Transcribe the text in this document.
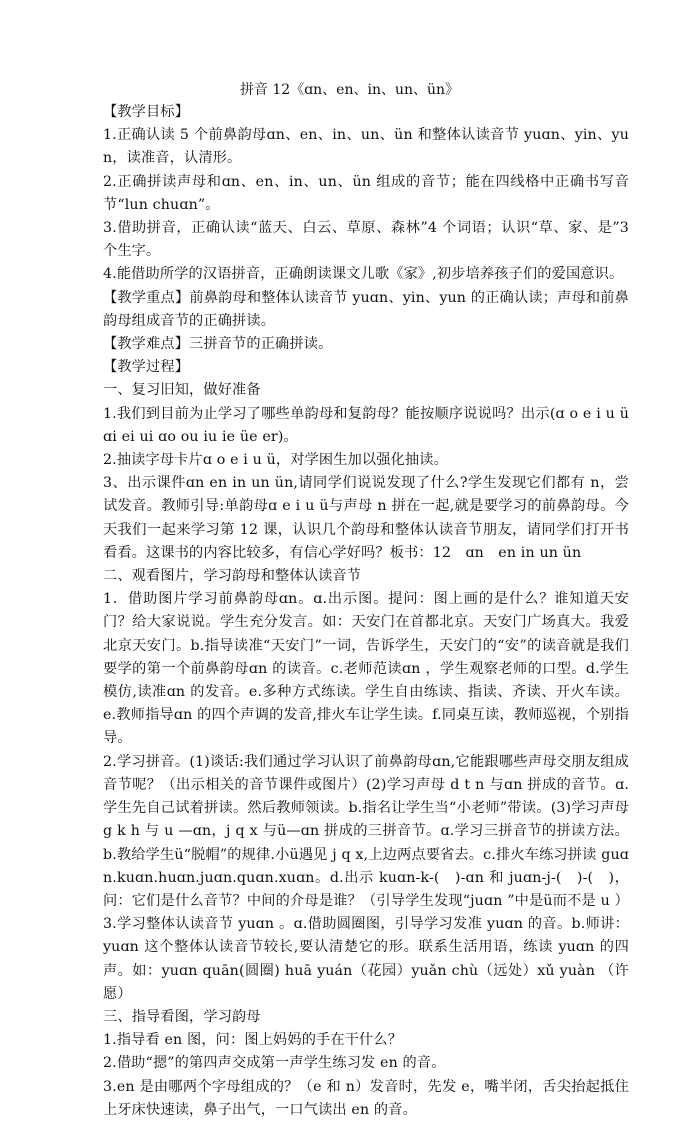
拼音 12《ɑn、en、in、un、ün》

【教学目标】

1.正确认读 5 个前鼻韵母ɑn、en、in、un、ün 和整体认读音节 yuɑn、yin、yun，读准音，认清形。

2.正确拼读声母和ɑn、en、in、un、ün 组成的音节；能在四线格中正确书写音节“lun chuɑn”。

3.借助拼音，正确认读“蓝天、白云、草原、森林”4 个词语；认识“草、家、是”3 个生字。

4.能借助所学的汉语拼音，正确朗读课文儿歌《家》,初步培养孩子们的爱国意识。

【教学重点】前鼻韵母和整体认读音节 yuɑn、yin、yun 的正确认读；声母和前鼻韵母组成音节的正确拼读。

【教学难点】三拼音节的正确拼读。

【教学过程】

一、复习旧知，做好准备

1.我们到目前为止学习了哪些单韵母和复韵母？能按顺序说说吗？出示(ɑ o e i u ü ɑi ei ui ɑo ou iu ie üe er)。

2.抽读字母卡片ɑ o e i u ü，对学困生加以强化抽读。

3、出示课件ɑn en in un ün,请同学们说说发现了什么?学生发现它们都有 n，尝试发音。教师引导:单韵母ɑ e i u ü与声母 n 拼在一起,就是要学习的前鼻韵母。今天我们一起来学习第 12 课，认识几个韵母和整体认读音节朋友，请同学们打开书看看。这课书的内容比较多，有信心学好吗？板书：12　ɑn　en in un ün

二、观看图片，学习韵母和整体认读音节

1．借助图片学习前鼻韵母ɑn。ɑ.出示图。提问：图上画的是什么？谁知道天安门？给大家说说。学生充分发言。如：天安门在首都北京。天安门广场真大。我爱北京天安门。b.指导读准“天安门”一词，告诉学生，天安门的“安”的读音就是我们要学的第一个前鼻韵母ɑn 的读音。c.老师范读ɑn ，学生观察老师的口型。d.学生模仿,读准ɑn 的发音。e.多种方式练读。学生自由练读、指读、齐读、开火车读。e.教师指导ɑn 的四个声调的发音,排火车让学生读。f.同桌互读，教师巡视，个别指导。

2.学习拼音。(1)谈话:我们通过学习认识了前鼻韵母ɑn,它能跟哪些声母交朋友组成音节呢？（出示相关的音节课件或图片）(2)学习声母 d t n 与ɑn 拼成的音节。ɑ.学生先自己试着拼读。然后教师领读。b.指名让学生当“小老师”带读。(3)学习声母 g k h 与 u —ɑn，j q x 与ü—ɑn 拼成的三拼音节。ɑ.学习三拼音节的拼读方法。b.教给学生ü“脱帽”的规律.小ü遇见 j q x,上边两点要省去。c.排火车练习拼读 guɑn.kuɑn.huɑn.juɑn.quɑn.xuɑn。d.出示 kuɑn-k-(　)-ɑn 和 juɑn-j-(　)-(　)，问：它们是什么音节？中间的介母是谁？（引导学生发现“juɑn ”中是ü而不是 u ）3.学习整体认读音节 yuɑn 。ɑ.借助圆圈图，引导学习发准 yuɑn 的音。b.师讲：yuɑn 这个整体认读音节较长,要认清楚它的形。联系生活用语，练读 yuɑn 的四声。如：yuɑn quān(圆圈) huā yuán（花园）yuǎn chù（远处）xǔ yuàn （许愿）

三、指导看图，学习韵母

1.指导看 en 图，问：图上妈妈的手在干什么？

2.借助“摁”的第四声交成第一声学生练习发 en 的音。

3.en 是由哪两个字母组成的？（e 和 n）发音时，先发 e，嘴半闭，舌尖抬起抵住上牙床快速读，鼻子出气，一口气读出 en 的音。
